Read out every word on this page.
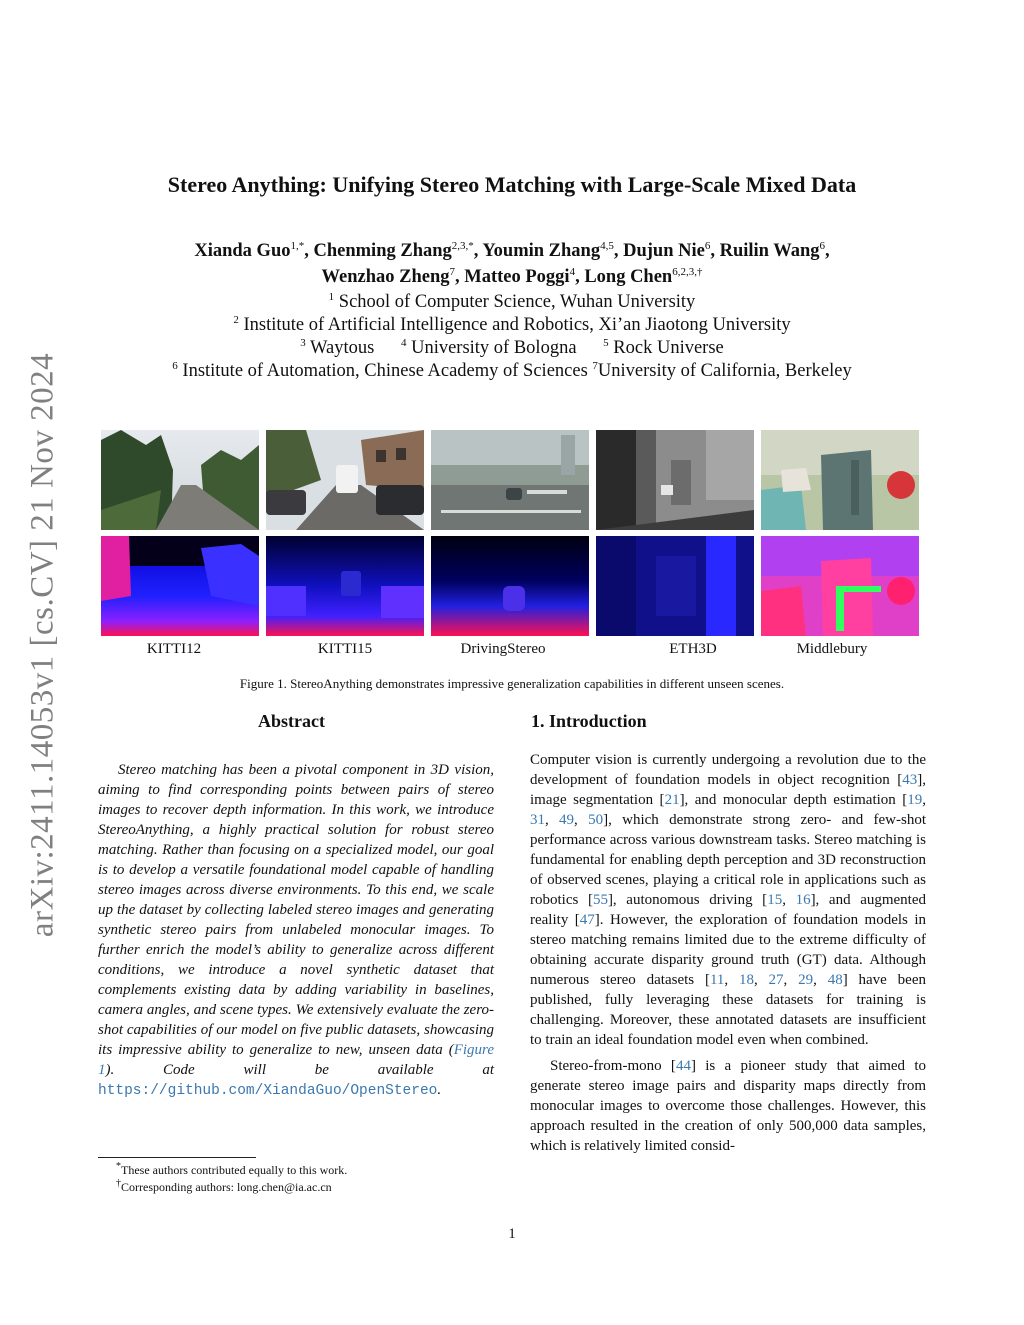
arXiv:2411.14053v1 [cs.CV] 21 Nov 2024
Stereo Anything: Unifying Stereo Matching with Large-Scale Mixed Data
Xianda Guo$^{1,*}$, Chenming Zhang$^{2,3,*}$, Youmin Zhang$^{4,5}$, Dujun Nie$^6$, Ruilin Wang$^6$,
Wenzhao Zheng$^7$, Matteo Poggi$^4$, Long Chen$^{6,2,3,\dagger}$
$^1$ School of Computer Science, Wuhan University
$^2$ Institute of Artificial Intelligence and Robotics, Xi’an Jiaotong University
$^3$ Waytous $^4$ University of Bologna $^5$ Rock Universe
$^6$ Institute of Automation, Chinese Academy of Sciences $^7$University of California, Berkeley
KITTI12	KITTI15	DrivingStereo	ETH3D	Middlebury
Figure 1. StereoAnything demonstrates impressive generalization capabilities in different unseen scenes.
Abstract	1. Introduction
Stereo matching has been a pivotal component in 3D vision, aiming to find corresponding points between pairs of stereo images to recover depth information. In this work, we introduce StereoAnything, a highly practical solution for robust stereo matching. Rather than focusing on a specialized model, our goal is to develop a versatile foundational model capable of handling stereo images across diverse environments. To this end, we scale up the dataset by collecting labeled stereo images and generating synthetic stereo pairs from unlabeled monocular images. To further enrich the model’s ability to generalize across different conditions, we introduce a novel synthetic dataset that complements existing data by adding variability in baselines, camera angles, and scene types. We extensively evaluate the zero-shot capabilities of our model on five public datasets, showcasing its impressive ability to generalize to new, unseen data (Figure 1). Code will be available at https://github.com/XiandaGuo/OpenStereo.

Computer vision is currently undergoing a revolution due to the development of foundation models in object recognition [43], image segmentation [21], and monocular depth estimation [19, 31, 49, 50], which demonstrate strong zero- and few-shot performance across various downstream tasks. Stereo matching is fundamental for enabling depth perception and 3D reconstruction of observed scenes, playing a critical role in applications such as robotics [55], autonomous driving [15, 16], and augmented reality [47]. However, the exploration of foundation models in stereo matching remains limited due to the extreme difficulty of obtaining accurate disparity ground truth (GT) data. Although numerous stereo datasets [11, 18, 27, 29, 48] have been published, fully leveraging these datasets for training is challenging. Moreover, these annotated datasets are insufficient to train an ideal foundation model even when combined.

Stereo-from-mono [44] is a pioneer study that aimed to generate stereo image pairs and disparity maps directly from monocular images to overcome those challenges. However, this approach resulted in the creation of only 500,000 data samples, which is relatively limited consid-

*These authors contributed equally to this work.
†Corresponding authors: long.chen@ia.ac.cn
1
